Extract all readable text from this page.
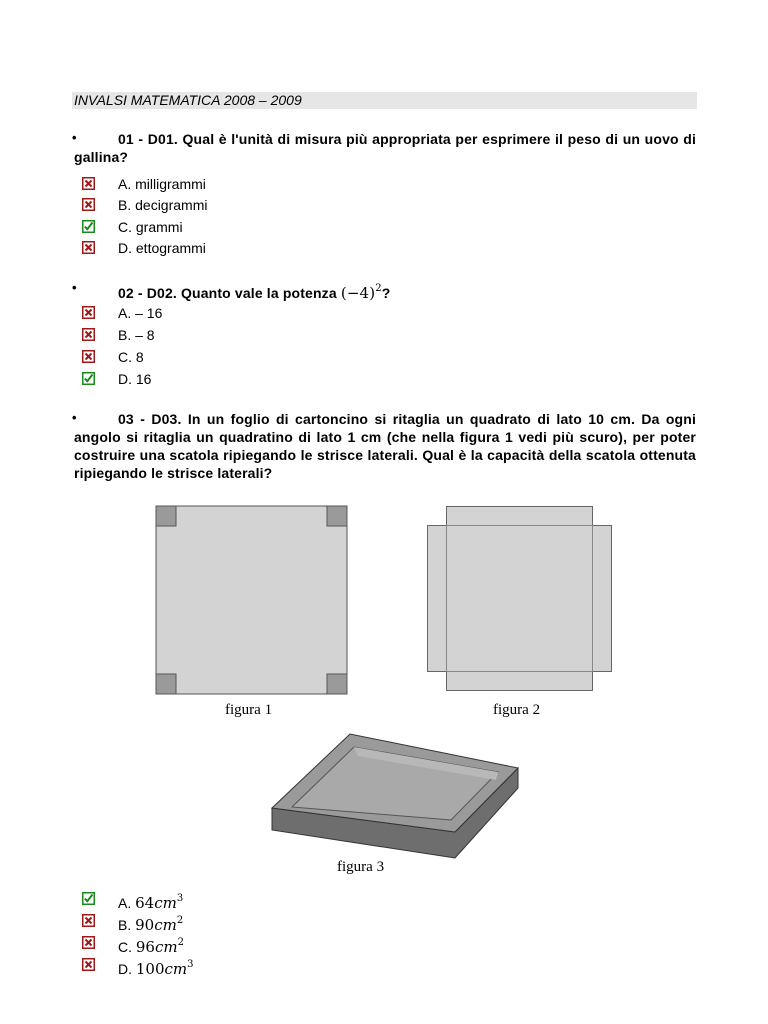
INVALSI MATEMATICA 2008 – 2009
•	01 - D01. Qual è l'unità di misura più appropriata per esprimere il peso di un uovo di gallina?
A. milligrammi
B. decigrammi
C. grammi
D. ettogrammi
•	02 - D02. Quanto vale la potenza $(-4)^2$?
A. – 16
B. – 8
C. 8
D. 16
•	03 - D03. In un foglio di cartoncino si ritaglia un quadrato di lato 10 cm. Da ogni angolo si ritaglia un quadratino di lato 1 cm (che nella figura 1 vedi più scuro), per poter costruire una scatola ripiegando le strisce laterali. Qual è la capacità della scatola ottenuta ripiegando le strisce laterali?
figura 1	figura 2
figura 3
A. $64cm^3$
B. $90cm^2$
C. $96cm^2$
D. $100cm^3$
